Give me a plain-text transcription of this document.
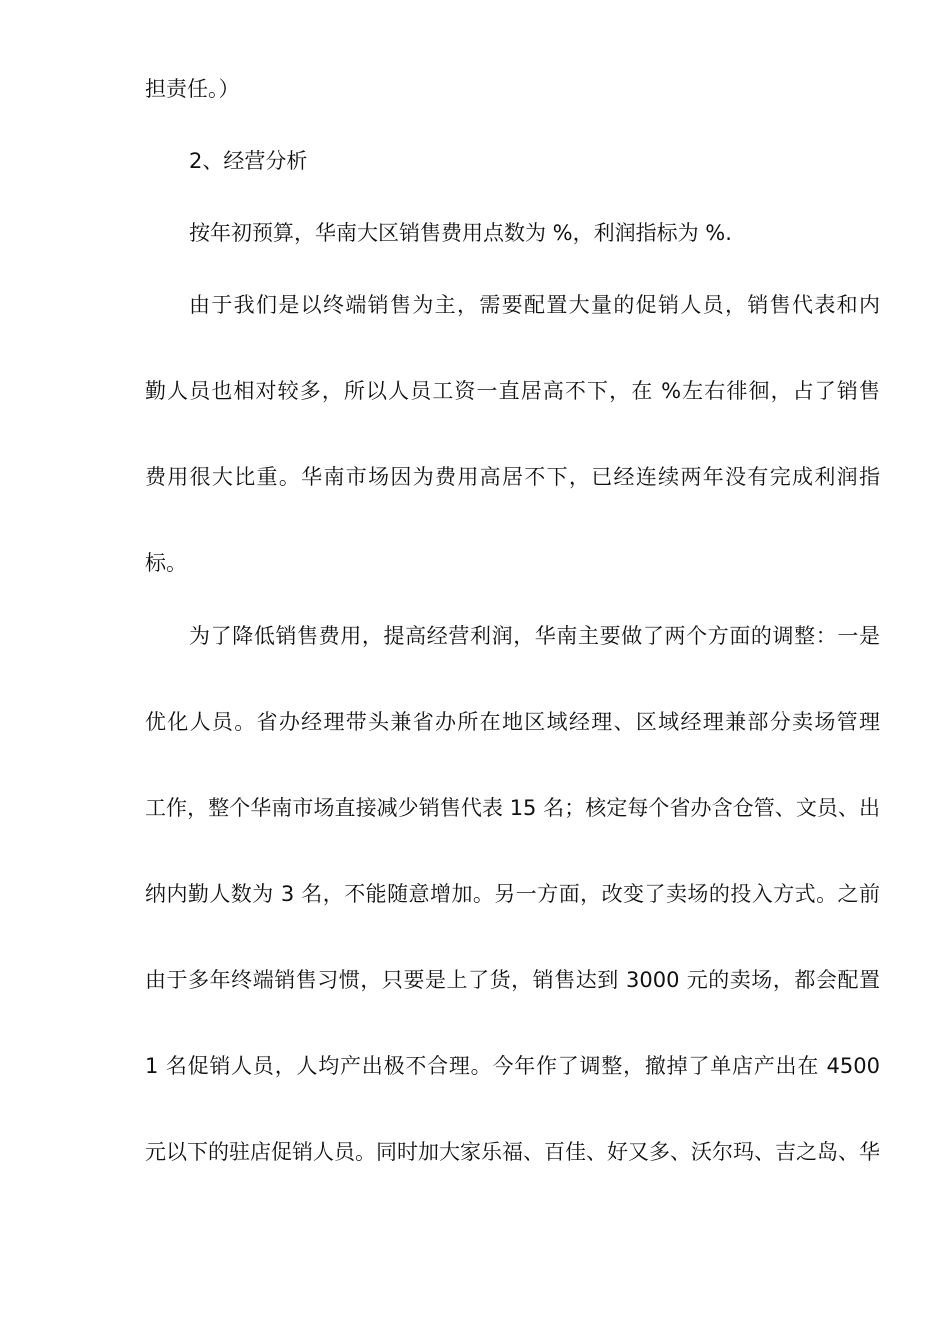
担责任。）
2、经营分析
按年初预算，华南大区销售费用点数为 %，利润指标为 %.
由于我们是以终端销售为主，需要配置大量的促销人员，销售代表和内
勤人员也相对较多，所以人员工资一直居高不下，在 %左右徘徊，占了销售
费用很大比重。华南市场因为费用高居不下，已经连续两年没有完成利润指
标。
为了降低销售费用，提高经营利润，华南主要做了两个方面的调整：一是
优化人员。省办经理带头兼省办所在地区域经理、区域经理兼部分卖场管理
工作，整个华南市场直接减少销售代表 15 名；核定每个省办含仓管、文员、出
纳内勤人数为 3 名，不能随意增加。另一方面，改变了卖场的投入方式。之前
由于多年终端销售习惯，只要是上了货，销售达到 3000 元的卖场，都会配置
1 名促销人员，人均产出极不合理。今年作了调整，撤掉了单店产出在 4500
元以下的驻店促销人员。同时加大家乐福、百佳、好又多、沃尔玛、吉之岛、华
